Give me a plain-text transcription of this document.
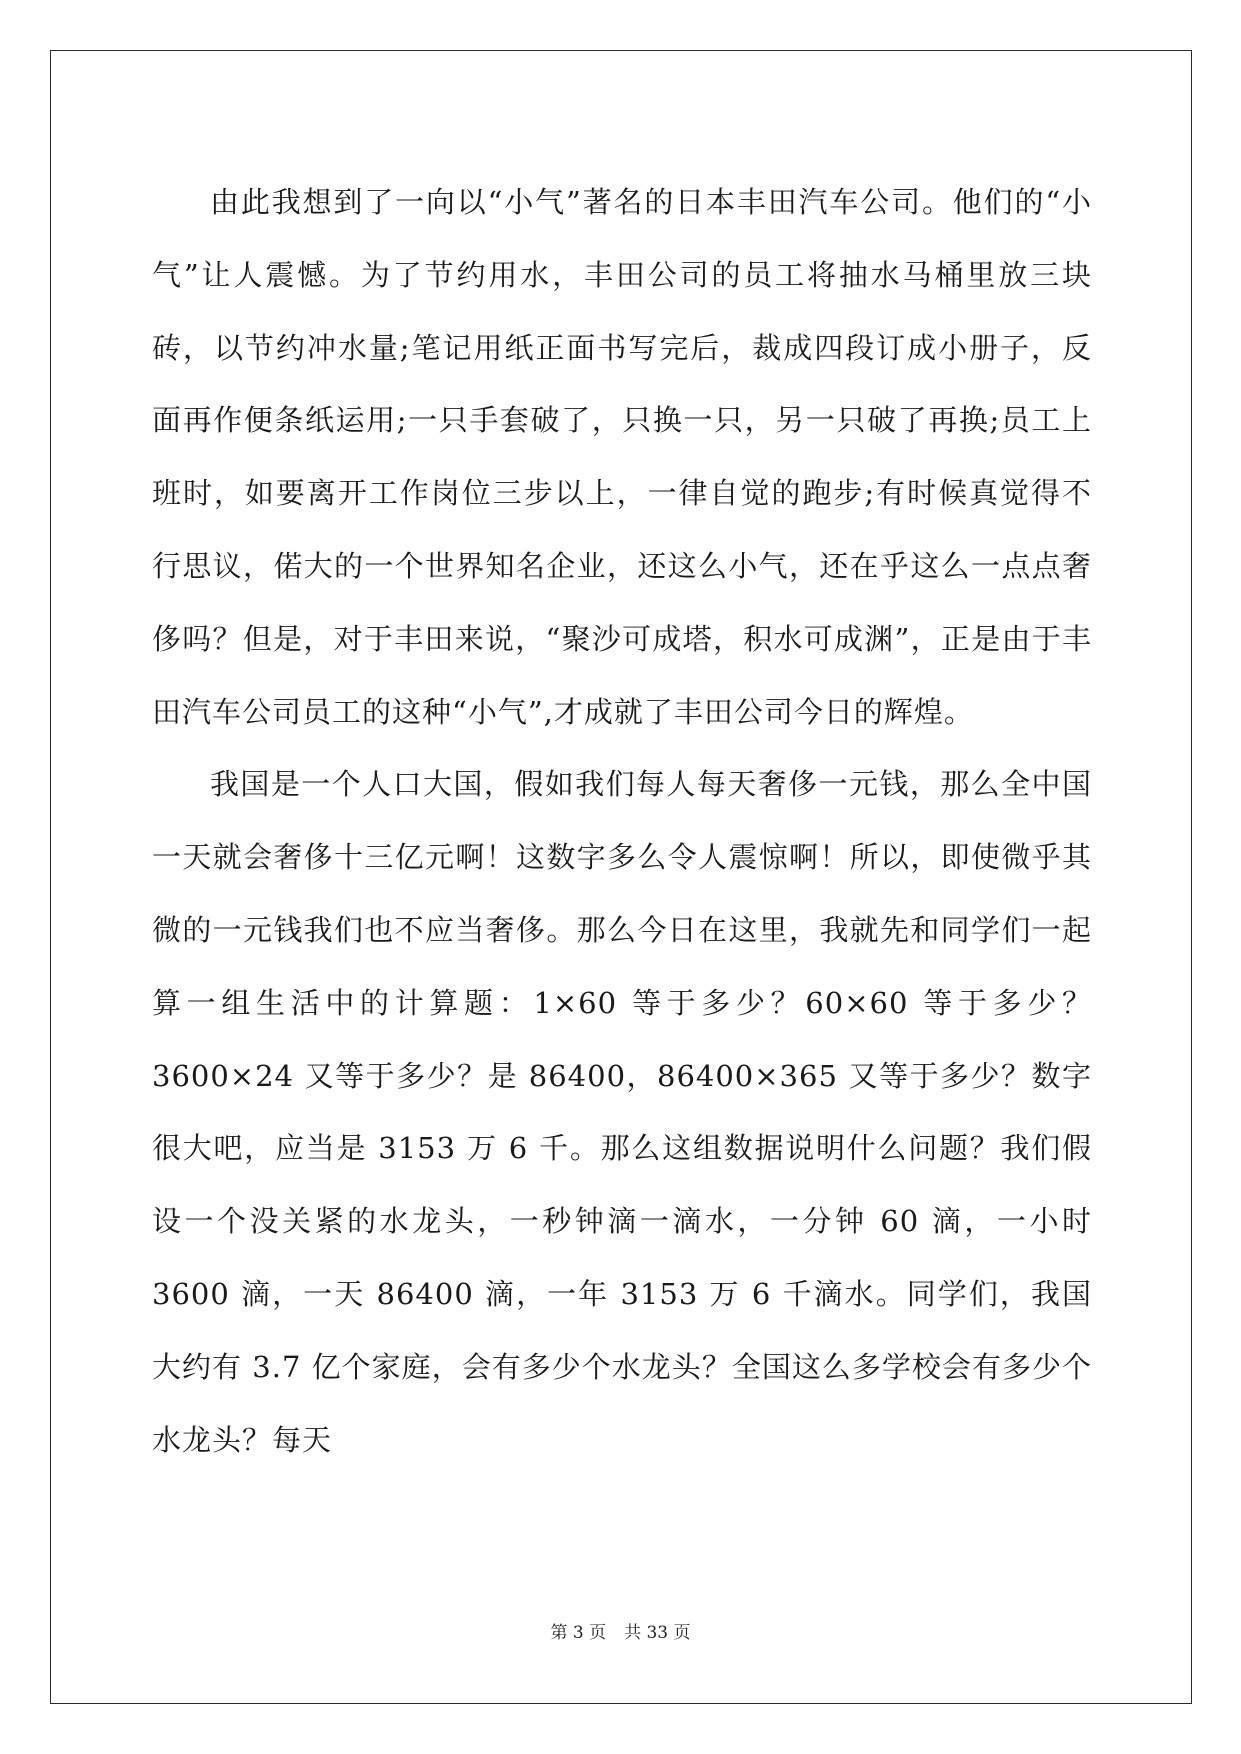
由此我想到了一向以“小气”著名的日本丰田汽车公司。他们的“小气”让人震憾。为了节约用水，丰田公司的员工将抽水马桶里放三块砖，以节约冲水量;笔记用纸正面书写完后，裁成四段订成小册子，反面再作便条纸运用;一只手套破了，只换一只，另一只破了再换;员工上班时，如要离开工作岗位三步以上，一律自觉的跑步;有时候真觉得不行思议，偌大的一个世界知名企业，还这么小气，还在乎这么一点点奢侈吗？但是，对于丰田来说，“聚沙可成塔，积水可成渊”，正是由于丰田汽车公司员工的这种“小气”,才成就了丰田公司今日的辉煌。

我国是一个人口大国，假如我们每人每天奢侈一元钱，那么全中国一天就会奢侈十三亿元啊！这数字多么令人震惊啊！所以，即使微乎其微的一元钱我们也不应当奢侈。那么今日在这里，我就先和同学们一起算一组生活中的计算题：1×60 等于多少？60×60 等于多少？3600×24 又等于多少？是 86400，86400×365 又等于多少？数字很大吧，应当是 3153 万 6 千。那么这组数据说明什么问题？我们假设一个没关紧的水龙头，一秒钟滴一滴水，一分钟 60 滴，一小时 3600 滴，一天 86400 滴，一年 3153 万 6 千滴水。同学们，我国大约有 3.7 亿个家庭，会有多少个水龙头？全国这么多学校会有多少个水龙头？每天

第 3 页 共 33 页
